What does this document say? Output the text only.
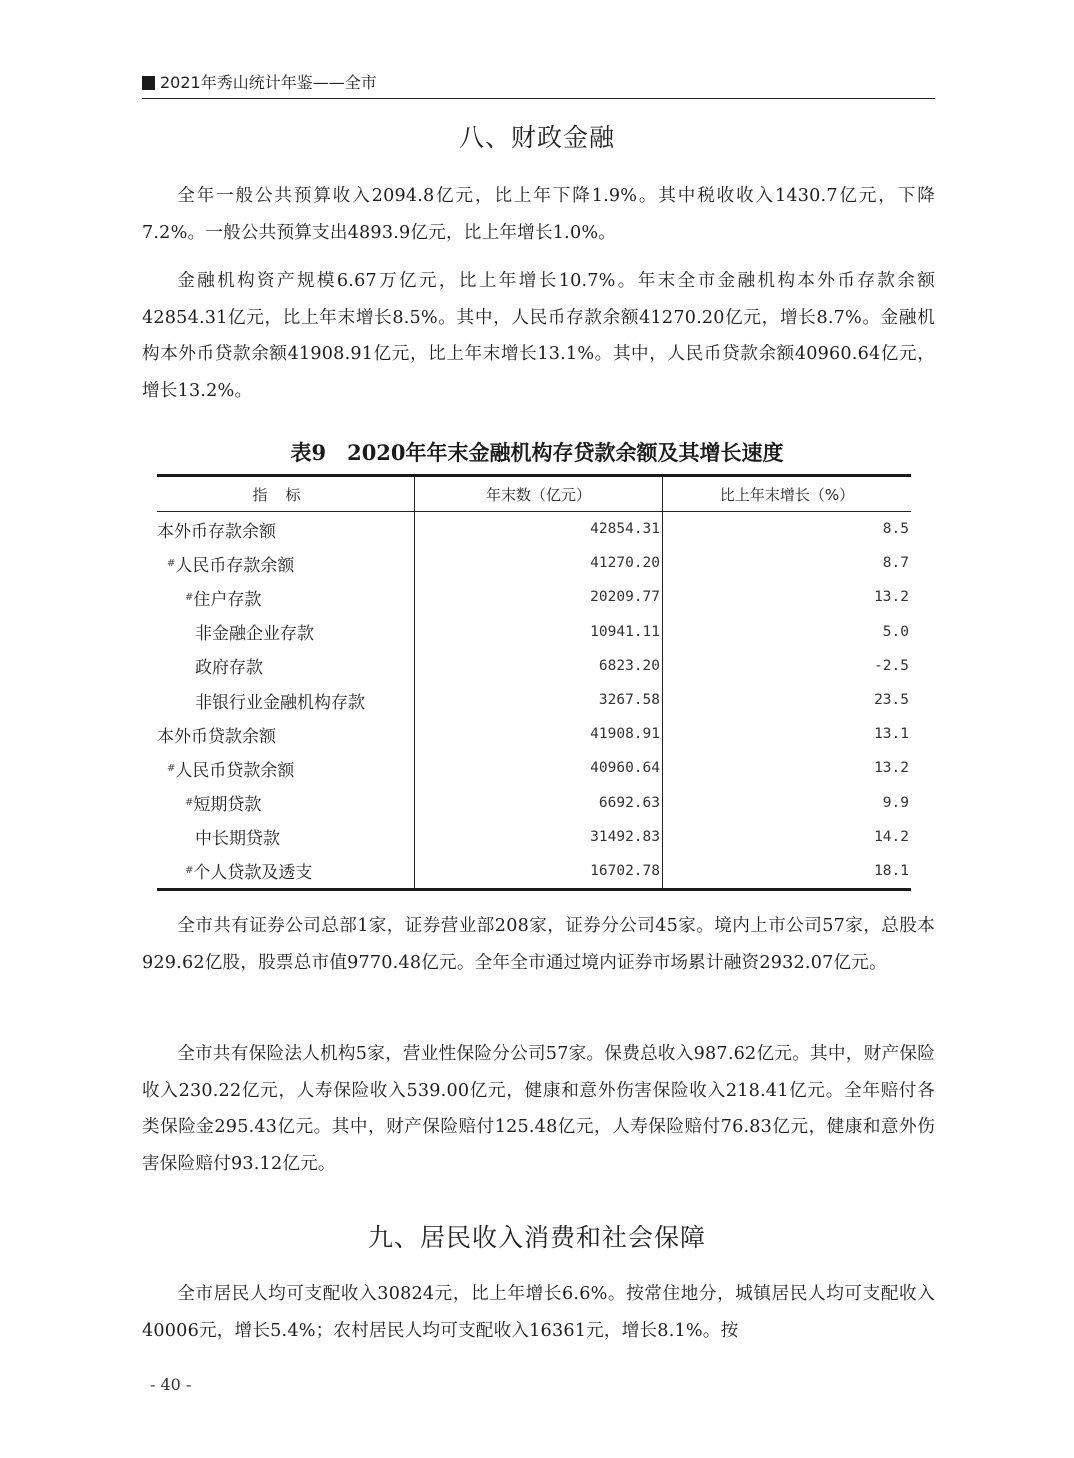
2021年秀山统计年鉴——全市
八、财政金融

全年一般公共预算收入2094.8亿元，比上年下降1.9%。其中税收收入1430.7亿元，下降7.2%。一般公共预算支出4893.9亿元，比上年增长1.0%。

金融机构资产规模6.67万亿元，比上年增长10.7%。年末全市金融机构本外币存款余额42854.31亿元，比上年末增长8.5%。其中，人民币存款余额41270.20亿元，增长8.7%。金融机构本外币贷款余额41908.91亿元，比上年末增长13.1%。其中，人民币贷款余额40960.64亿元，增长13.2%。

表9　2020年年末金融机构存贷款余额及其增长速度
指标	年末数（亿元）	比上年末增长（%）
本外币存款余额	42854.31	8.5
#人民币存款余额	41270.20	8.7
#住户存款	20209.77	13.2
非金融企业存款	10941.11	5.0
政府存款	6823.20	-2.5
非银行业金融机构存款	3267.58	23.5
本外币贷款余额	41908.91	13.1
#人民币贷款余额	40960.64	13.2
#短期贷款	6692.63	9.9
中长期贷款	31492.83	14.2
#个人贷款及透支	16702.78	18.1

全市共有证券公司总部1家，证券营业部208家，证券分公司45家。境内上市公司57家，总股本929.62亿股，股票总市值9770.48亿元。全年全市通过境内证券市场累计融资2932.07亿元。

全市共有保险法人机构5家，营业性保险分公司57家。保费总收入987.62亿元。其中，财产保险收入230.22亿元，人寿保险收入539.00亿元，健康和意外伤害保险收入218.41亿元。全年赔付各类保险金295.43亿元。其中，财产保险赔付125.48亿元，人寿保险赔付76.83亿元，健康和意外伤害保险赔付93.12亿元。

九、居民收入消费和社会保障

全市居民人均可支配收入30824元，比上年增长6.6%。按常住地分，城镇居民人均可支配收入40006元，增长5.4%；农村居民人均可支配收入16361元，增长8.1%。按

- 40 -
